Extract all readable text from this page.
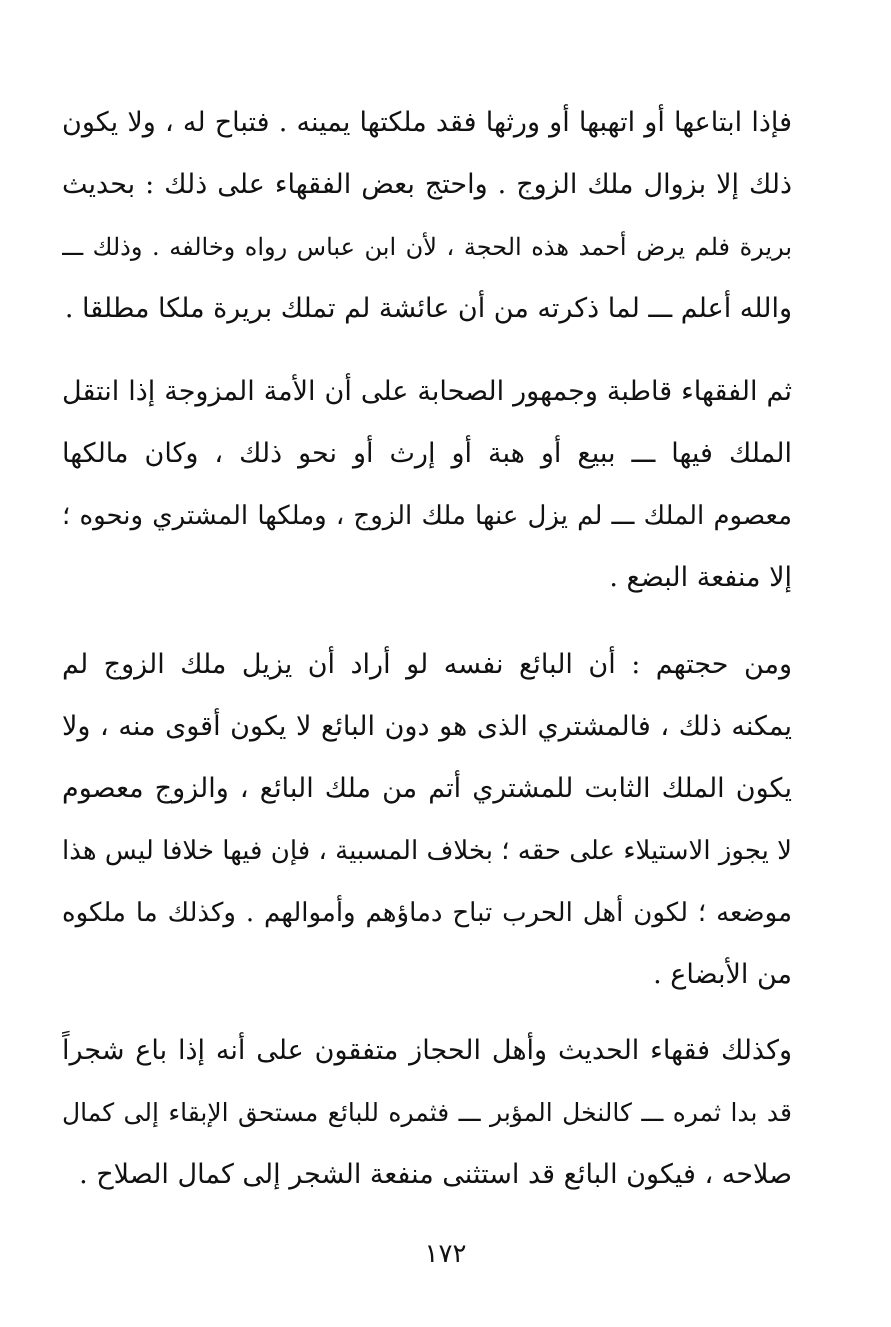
فإذا ابتاعها أو اتهبها أو ورثها فقد ملكتها يمينه . فتباح له ، ولا يكون
ذلك إلا بزوال ملك الزوج . واحتج بعض الفقهاء على ذلك : بحديث
بريرة فلم يرض أحمد هذه الحجة ، لأن ابن عباس رواه وخالفه . وذلك ـــ
والله أعلم ـــ لما ذكرته من أن عائشة لم تملك بريرة ملكا مطلقا .
ثم الفقهاء قاطبة وجمهور الصحابة على أن الأمة المزوجة إذا انتقل
الملك فيها ـــ ببيع أو هبة أو إرث أو نحو ذلك ، وكان مالكها
معصوم الملك ـــ لم يزل عنها ملك الزوج ، وملكها المشتري ونحوه ؛
إلا منفعة البضع .
ومن حجتهم : أن البائع نفسه لو أراد أن يزيل ملك الزوج لم
يمكنه ذلك ، فالمشتري الذى هو دون البائع لا يكون أقوى منه ، ولا
يكون الملك الثابت للمشتري أتم من ملك البائع ، والزوج معصوم
لا يجوز الاستيلاء على حقه ؛ بخلاف المسبية ، فإن فيها خلافا ليس هذا
موضعه ؛ لكون أهل الحرب تباح دماؤهم وأموالهم . وكذلك ما ملكوه
من الأبضاع .
وكذلك فقهاء الحديث وأهل الحجاز متفقون على أنه إذا باع شجراً
قد بدا ثمره ـــ كالنخل المؤبر ـــ فثمره للبائع مستحق الإبقاء إلى كمال
صلاحه ، فيكون البائع قد استثنى منفعة الشجر إلى كمال الصلاح .
١٧٢
